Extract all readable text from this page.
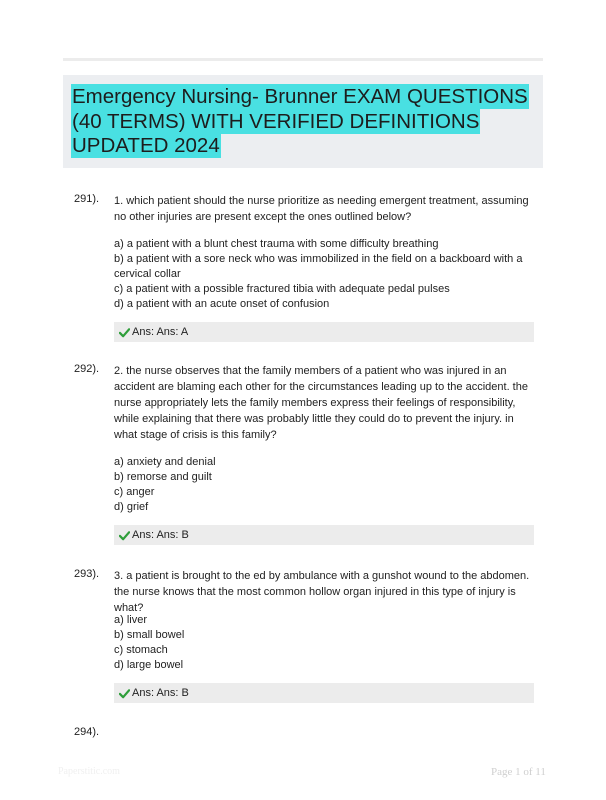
Emergency Nursing- Brunner EXAM QUESTIONS (40 TERMS) WITH VERIFIED DEFINITIONS UPDATED 2024
291). 1. which patient should the nurse prioritize as needing emergent treatment, assuming no other injuries are present except the ones outlined below?
a) a patient with a blunt chest trauma with some difficulty breathing
b) a patient with a sore neck who was immobilized in the field on a backboard with a cervical collar
c) a patient with a possible fractured tibia with adequate pedal pulses
d) a patient with an acute onset of confusion
Ans: Ans: A
292). 2. the nurse observes that the family members of a patient who was injured in an accident are blaming each other for the circumstances leading up to the accident. the nurse appropriately lets the family members express their feelings of responsibility, while explaining that there was probably little they could do to prevent the injury. in what stage of crisis is this family?
a) anxiety and denial
b) remorse and guilt
c) anger
d) grief
Ans: Ans: B
293). 3. a patient is brought to the ed by ambulance with a gunshot wound to the abdomen. the nurse knows that the most common hollow organ injured in this type of injury is what?
a) liver
b) small bowel
c) stomach
d) large bowel
Ans: Ans: B
294).
Paperstitic.com	Page 1 of 11
